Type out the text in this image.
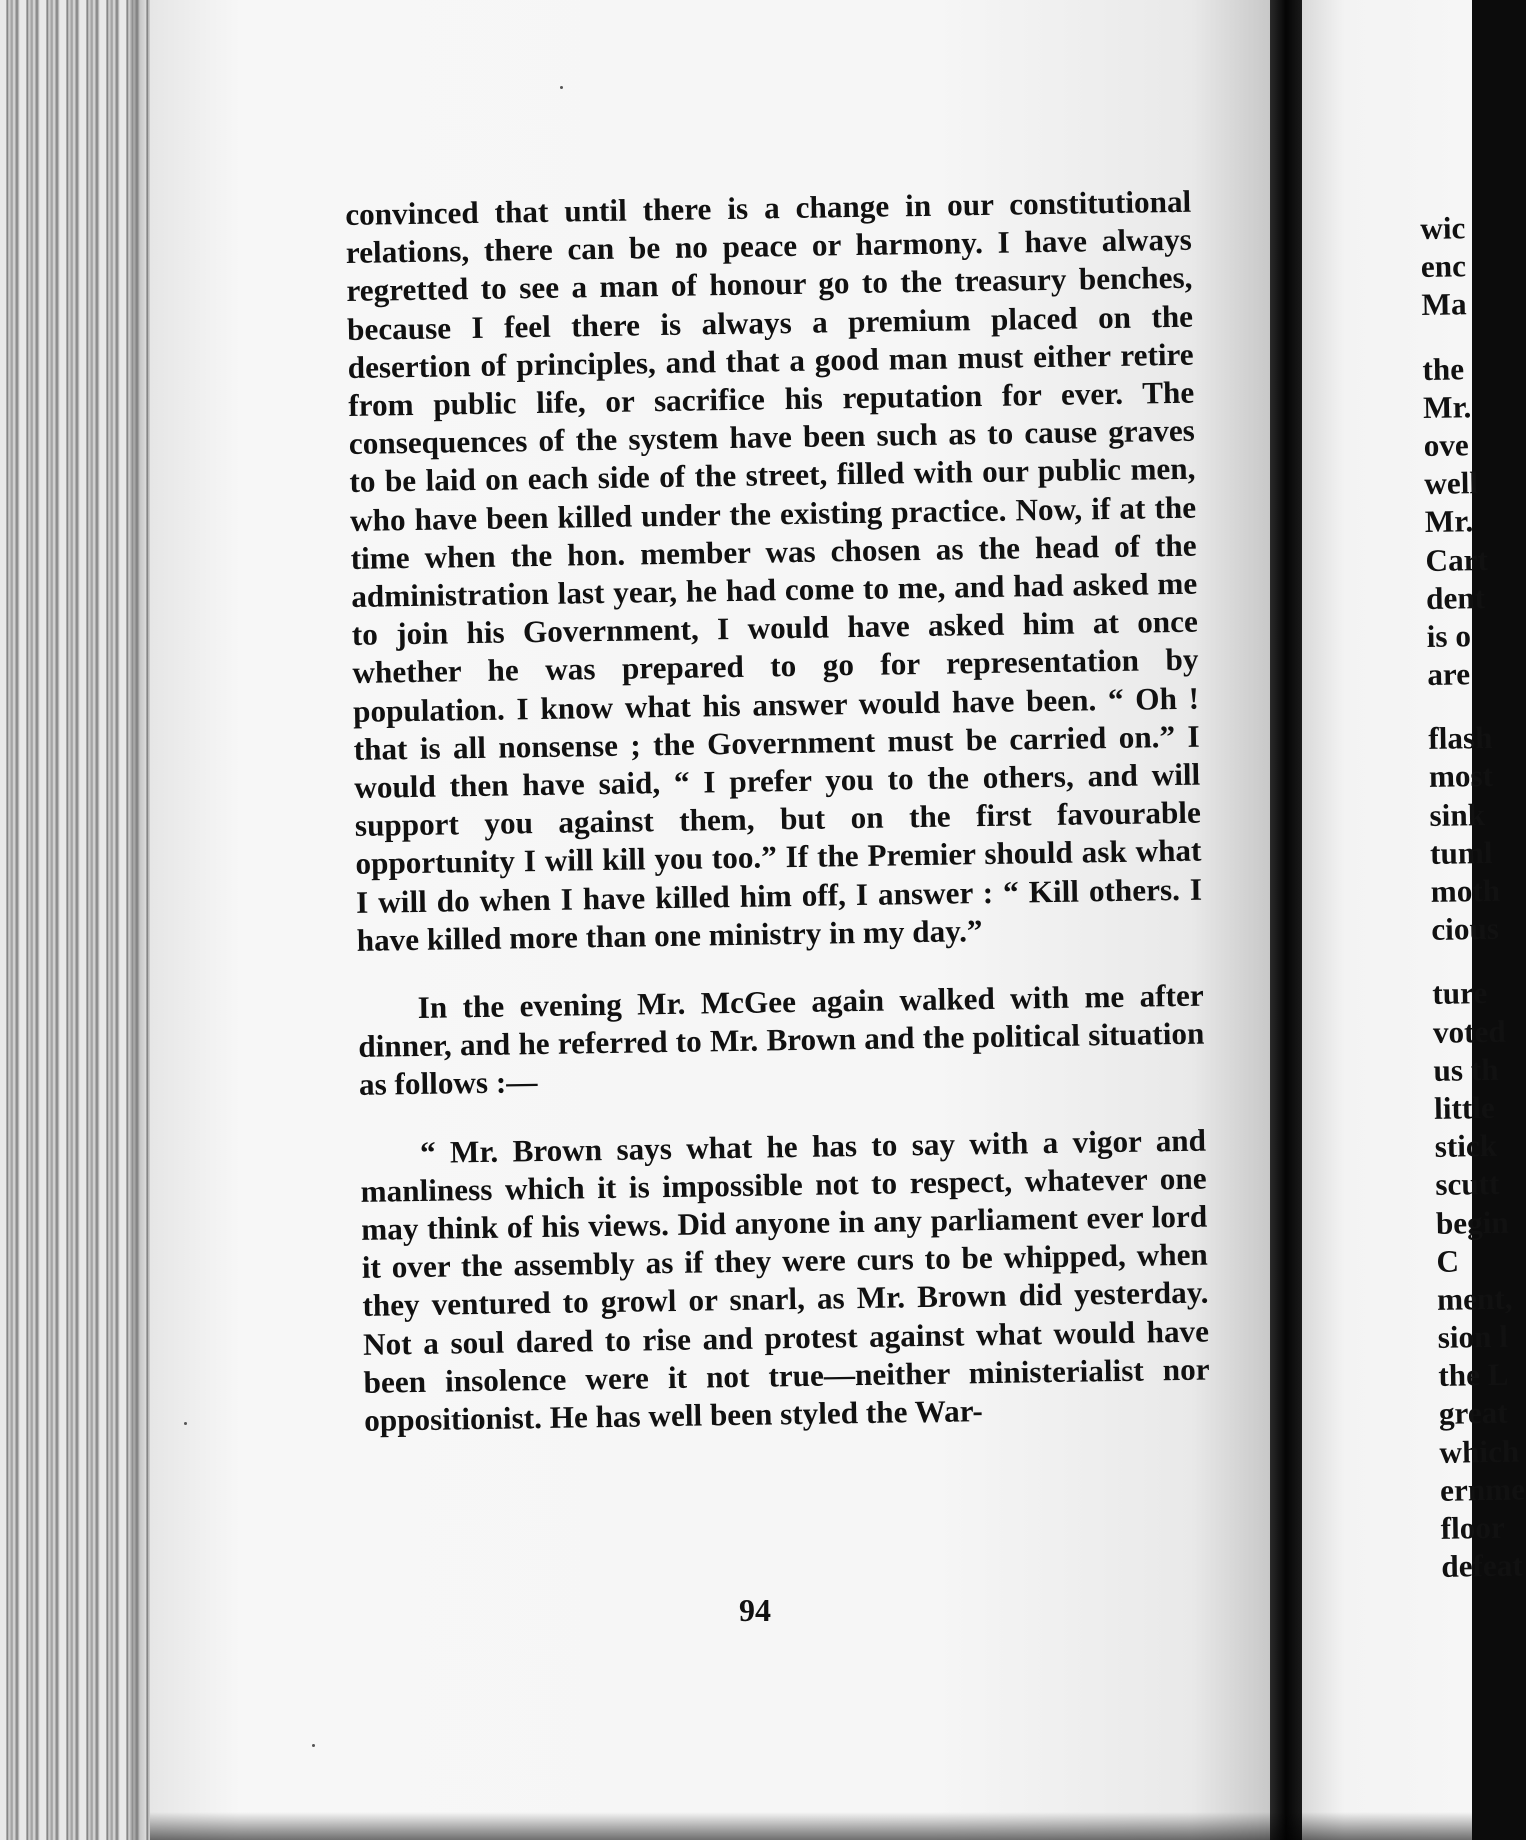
convinced that until there is a change in our constitutional relations, there can be no peace or harmony. I have always regretted to see a man of honour go to the treasury benches, because I feel there is always a premium placed on the desertion of principles, and that a good man must either retire from public life, or sacrifice his reputation for ever. The consequences of the system have been such as to cause graves to be laid on each side of the street, filled with our public men, who have been killed under the existing practice. Now, if at the time when the hon. member was chosen as the head of the administration last year, he had come to me, and had asked me to join his Government, I would have asked him at once whether he was prepared to go for representation by population. I know what his answer would have been. “ Oh ! that is all nonsense ; the Government must be carried on.” I would then have said, “ I prefer you to the others, and will support you against them, but on the first favourable opportunity I will kill you too.” If the Premier should ask what I will do when I have killed him off, I answer : “ Kill others. I have killed more than one ministry in my day.”

In the evening Mr. McGee again walked with me after dinner, and he referred to Mr. Brown and the political situation as follows :—

“ Mr. Brown says what he has to say with a vigor and manliness which it is impossible not to respect, whatever one may think of his views. Did anyone in any parliament ever lord it over the assembly as if they were curs to be whipped, when they ventured to growl or snarl, as Mr. Brown did yesterday. Not a soul dared to rise and protest against what would have been insolence were it not true—neither ministerialist nor oppositionist. He has well been styled the War-

94
wic
enc
Ma
the
Mr.
ove
well
Mr.
Cart
dent
is o
are
flash
most
sink
tuml
moth
cious
ture
voted
us th
little
stick
scutt
begin
C
ment,
sion l
the L
great
which
ernme
floor
defeat
